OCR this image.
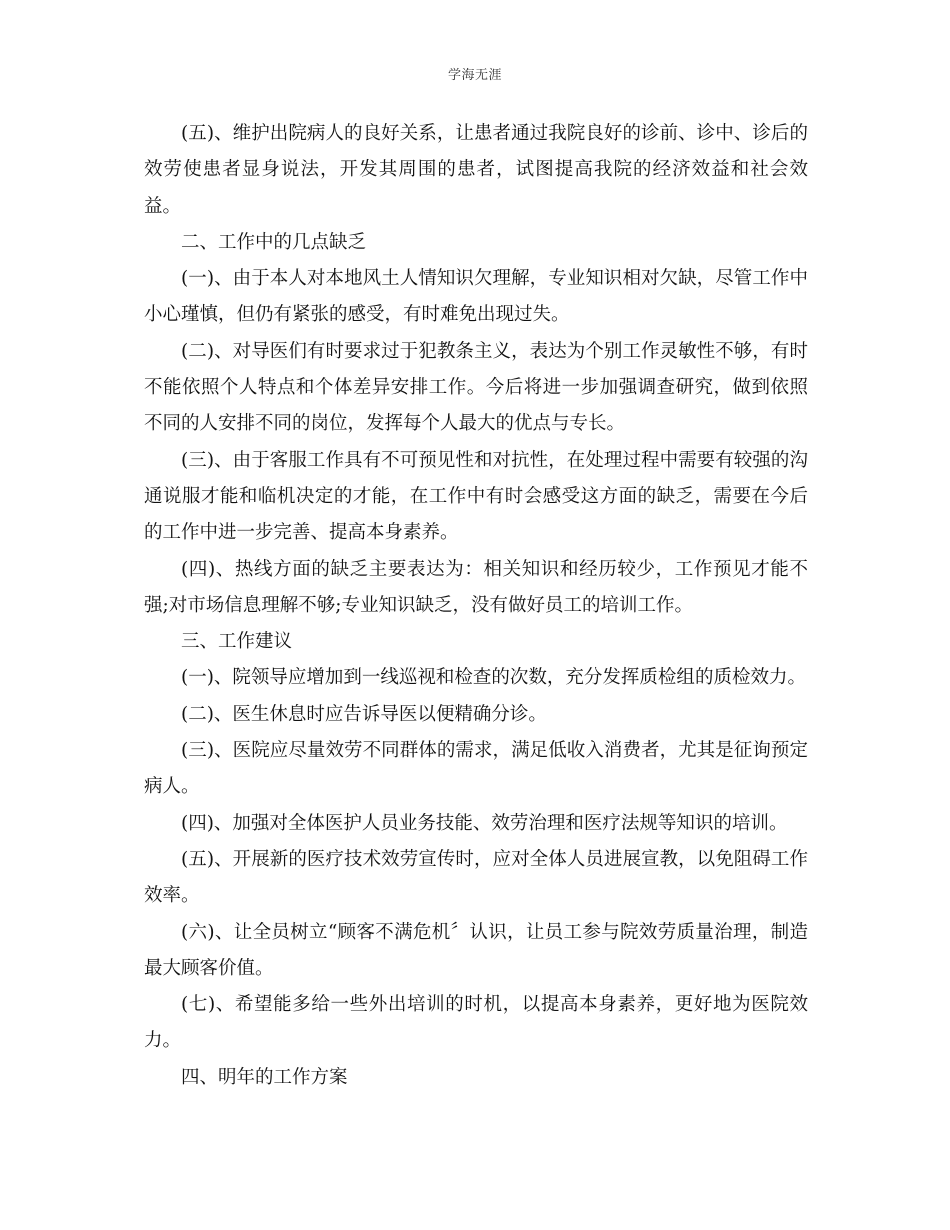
学海无涯

(五)、维护出院病人的良好关系，让患者通过我院良好的诊前、诊中、诊后的效劳使患者显身说法，开发其周围的患者，试图提高我院的经济效益和社会效益。

二、工作中的几点缺乏

(一)、由于本人对本地风土人情知识欠理解，专业知识相对欠缺，尽管工作中小心瑾慎，但仍有紧张的感受，有时难免出现过失。

(二)、对导医们有时要求过于犯教条主义，表达为个别工作灵敏性不够，有时不能依照个人特点和个体差异安排工作。今后将进一步加强调查研究，做到依照不同的人安排不同的岗位，发挥每个人最大的优点与专长。

(三)、由于客服工作具有不可预见性和对抗性，在处理过程中需要有较强的沟通说服才能和临机决定的才能，在工作中有时会感受这方面的缺乏，需要在今后的工作中进一步完善、提高本身素养。

(四)、热线方面的缺乏主要表达为：相关知识和经历较少，工作预见才能不强;对市场信息理解不够;专业知识缺乏，没有做好员工的培训工作。

三、工作建议

(一)、院领导应增加到一线巡视和检查的次数，充分发挥质检组的质检效力。

(二)、医生休息时应告诉导医以便精确分诊。

(三)、医院应尽量效劳不同群体的需求，满足低收入消费者，尤其是征询预定病人。

(四)、加强对全体医护人员业务技能、效劳治理和医疗法规等知识的培训。

(五)、开展新的医疗技术效劳宣传时，应对全体人员进展宣教，以免阻碍工作效率。

(六)、让全员树立“顾客不满危机〞认识，让员工参与院效劳质量治理，制造最大顾客价值。

(七)、希望能多给一些外出培训的时机，以提高本身素养，更好地为医院效力。

四、明年的工作方案
